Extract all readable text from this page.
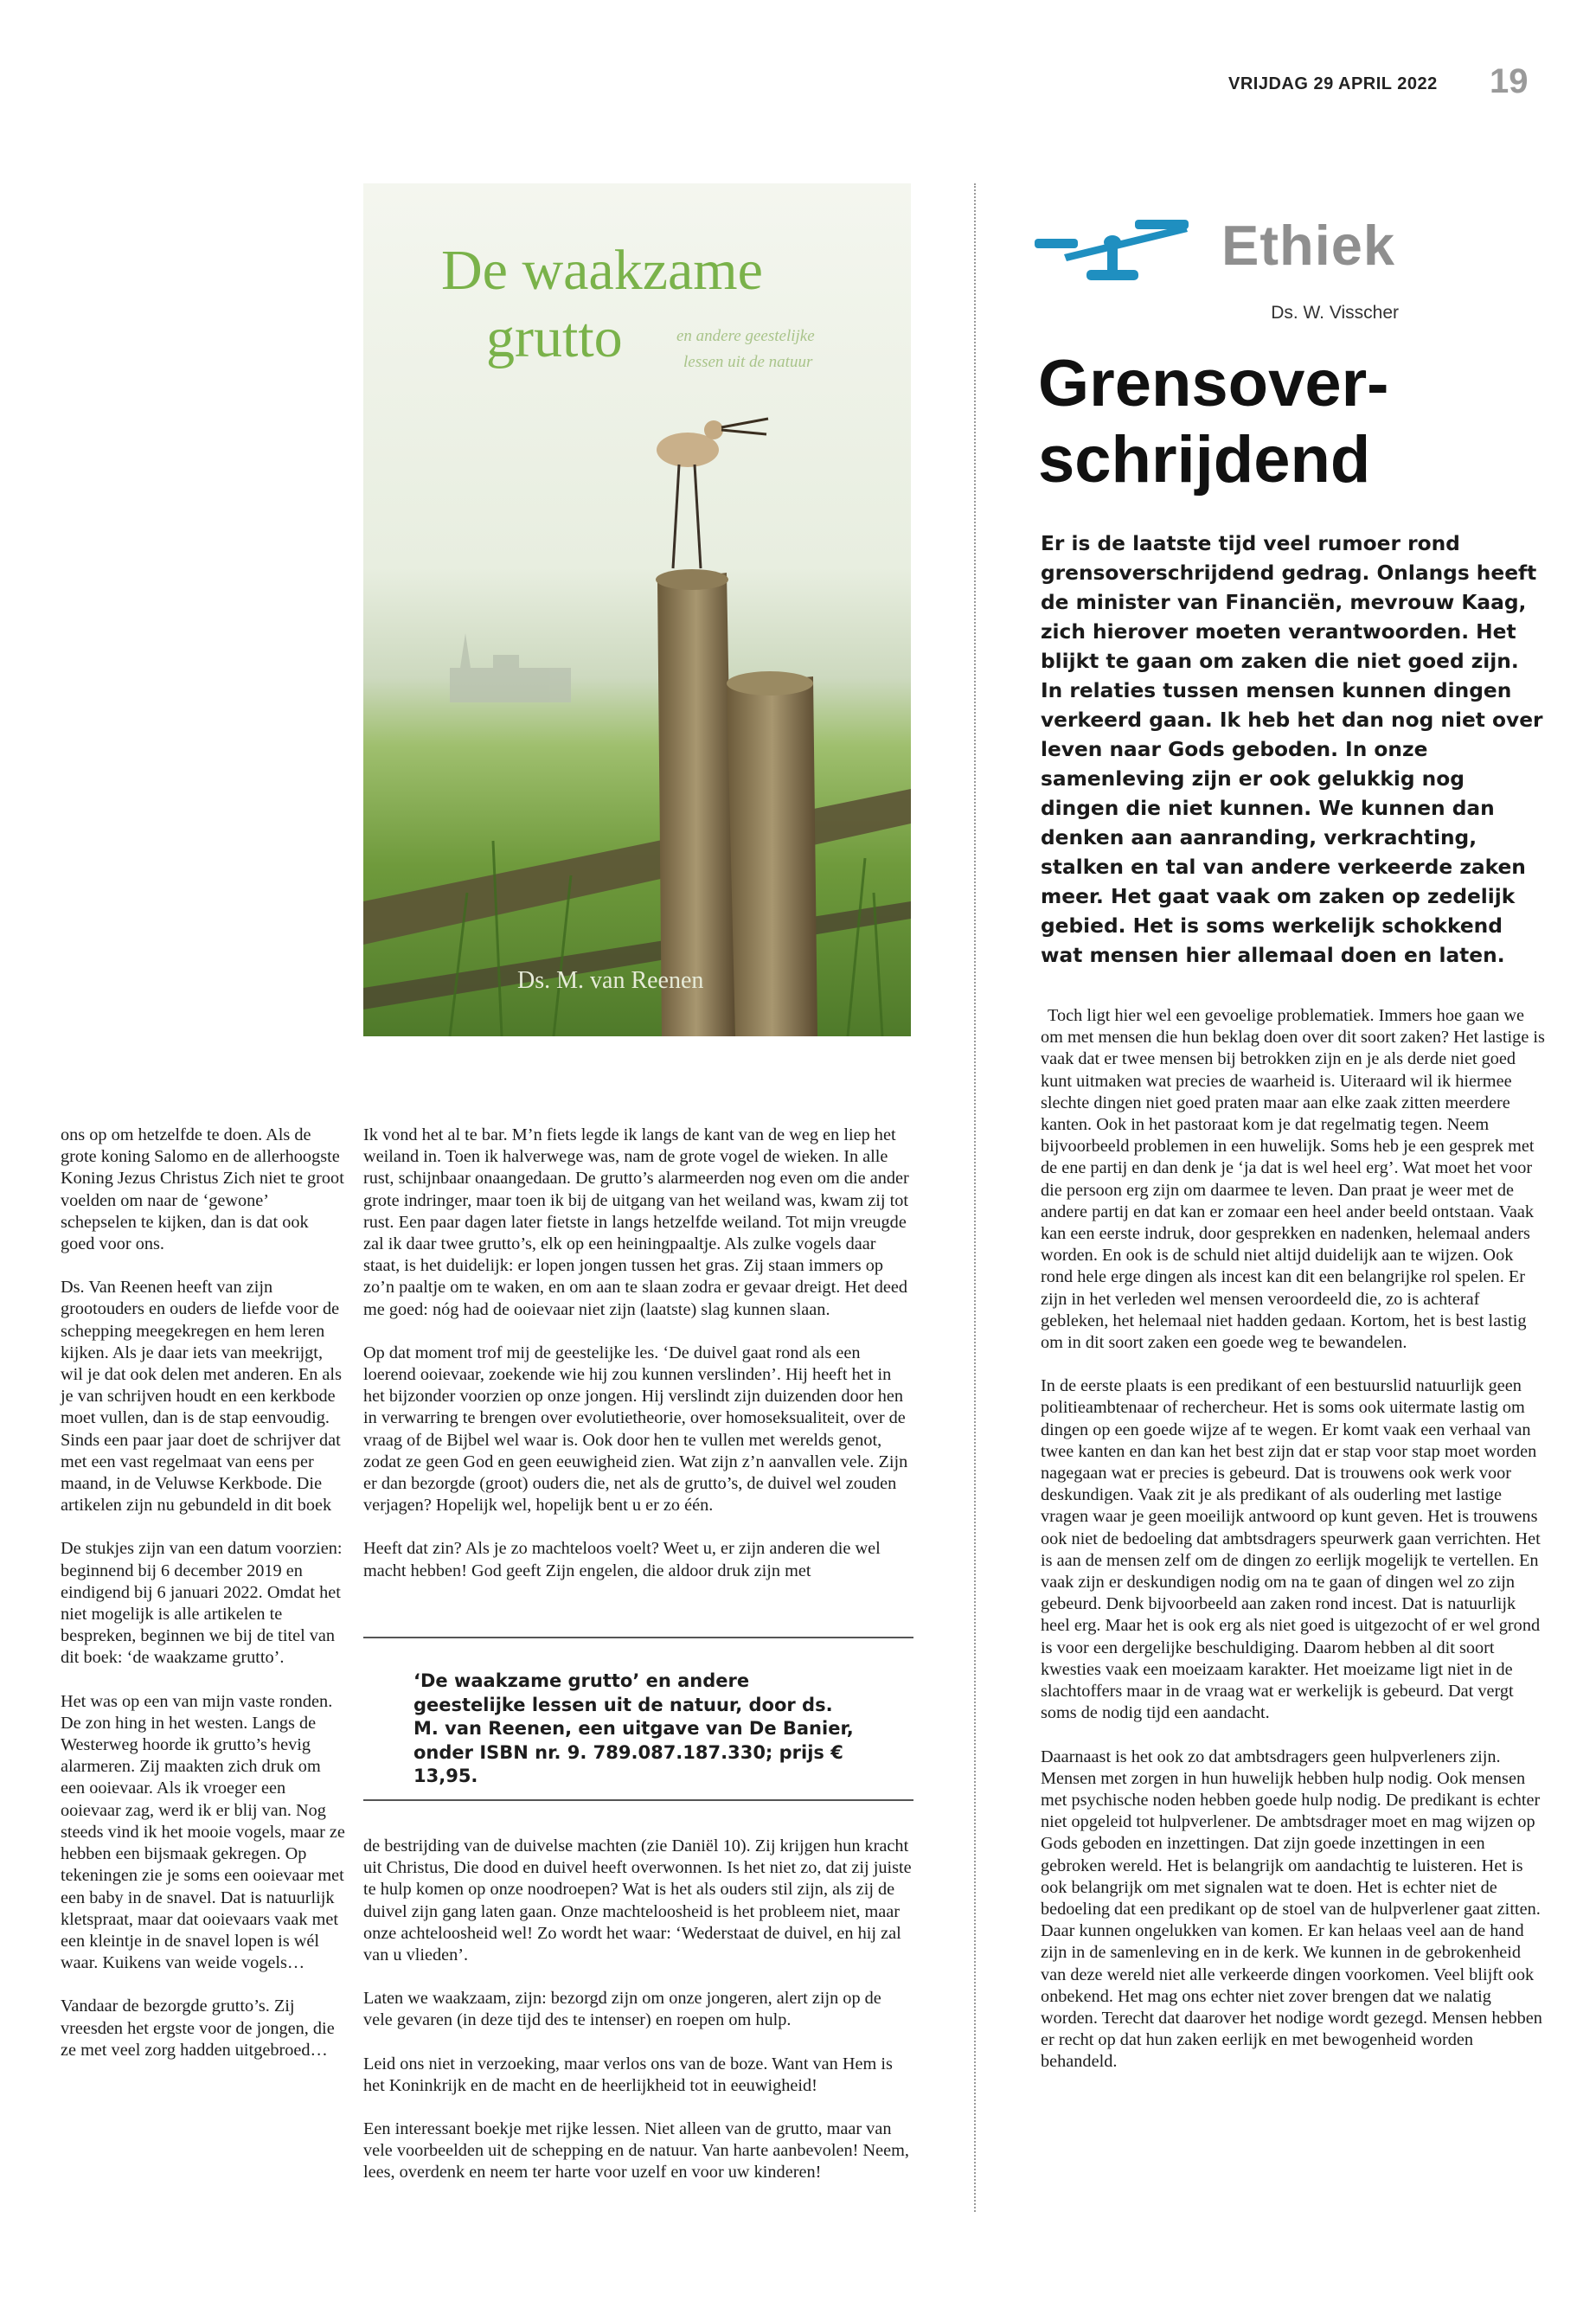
VRIJDAG 29 APRIL 2022 19
De waakzame
grutto	en andere geestelijke
lessen uit de natuur
Ds. M. van Reenen

ons op om hetzelfde te doen. Als de grote koning Salomo en de allerhoogste Koning Jezus Christus Zich niet te groot voelden om naar de ‘gewone’ schepselen te kijken, dan is dat ook goed voor ons.

Ds. Van Reenen heeft van zijn grootouders en ouders de liefde voor de schepping meegekregen en hem leren kijken. Als je daar iets van meekrijgt, wil je dat ook delen met anderen. En als je van schrijven houdt en een kerkbode moet vullen, dan is de stap eenvoudig. Sinds een paar jaar doet de schrijver dat met een vast regelmaat van eens per maand, in de Veluwse Kerkbode. Die artikelen zijn nu gebundeld in dit boek

De stukjes zijn van een datum voorzien: beginnend bij 6 december 2019 en eindigend bij 6 januari 2022. Omdat het niet mogelijk is alle artikelen te bespreken, beginnen we bij de titel van dit boek: ‘de waakzame grutto’.

Het was op een van mijn vaste ronden. De zon hing in het westen. Langs de Westerweg hoorde ik grutto’s hevig alarmeren. Zij maakten zich druk om een ooievaar. Als ik vroeger een ooievaar zag, werd ik er blij van. Nog steeds vind ik het mooie vogels, maar ze hebben een bijsmaak gekregen. Op tekeningen zie je soms een ooievaar met een baby in de snavel. Dat is natuurlijk kletspraat, maar dat ooievaars vaak met een kleintje in de snavel lopen is wél waar. Kuikens van weide vogels…

Vandaar de bezorgde grutto’s. Zij vreesden het ergste voor de jongen, die ze met veel zorg hadden uitgebroed…

Ik vond het al te bar. M’n fiets legde ik langs de kant van de weg en liep het weiland in. Toen ik halverwege was, nam de grote vogel de wieken. In alle rust, schijnbaar onaangedaan. De grutto’s alarmeerden nog even om die ander grote indringer, maar toen ik bij de uitgang van het weiland was, kwam zij tot rust. Een paar dagen later fietste in langs hetzelfde weiland. Tot mijn vreugde zal ik daar twee grutto’s, elk op een heiningpaaltje. Als zulke vogels daar staat, is het duidelijk: er lopen jongen tussen het gras. Zij staan immers op zo’n paaltje om te waken, en om aan te slaan zodra er gevaar dreigt. Het deed me goed: nóg had de ooievaar niet zijn (laatste) slag kunnen slaan.

Op dat moment trof mij de geestelijke les. ‘De duivel gaat rond als een loerend ooievaar, zoekende wie hij zou kunnen verslinden’. Hij heeft het in het bijzonder voorzien op onze jongen. Hij verslindt zijn duizenden door hen in verwarring te brengen over evolutietheorie, over homoseksualiteit, over de vraag of de Bijbel wel waar is. Ook door hen te vullen met werelds genot, zodat ze geen God en geen eeuwigheid zien. Wat zijn z’n aanvallen vele. Zijn er dan bezorgde (groot) ouders die, net als de grutto’s, de duivel wel zouden verjagen? Hopelijk wel, hopelijk bent u er zo één.

Heeft dat zin? Als je zo machteloos voelt? Weet u, er zijn anderen die wel macht hebben! God geeft Zijn engelen, die aldoor druk zijn met

‘De waakzame grutto’ en andere geestelijke lessen uit de natuur, door ds. M. van Reenen, een uitgave van De Banier, onder ISBN nr. 9. 789.087.187.330; prijs € 13,95.

de bestrijding van de duivelse machten (zie Daniël 10). Zij krijgen hun kracht uit Christus, Die dood en duivel heeft overwonnen. Is het niet zo, dat zij juiste te hulp komen op onze noodroepen? Wat is het als ouders stil zijn, als zij de duivel zijn gang laten gaan. Onze machteloosheid is het probleem niet, maar onze achteloosheid wel! Zo wordt het waar: ‘Wederstaat de duivel, en hij zal van u vlieden’.

Laten we waakzaam, zijn: bezorgd zijn om onze jongeren, alert zijn op de vele gevaren (in deze tijd des te intenser) en roepen om hulp.

Leid ons niet in verzoeking, maar verlos ons van de boze. Want van Hem is het Koninkrijk en de macht en de heerlijkheid tot in eeuwigheid!

Een interessant boekje met rijke lessen. Niet alleen van de grutto, maar van vele voorbeelden uit de schepping en de natuur. Van harte aanbevolen! Neem, lees, overdenk en neem ter harte voor uzelf en voor uw kinderen!

Ethiek
Ds. W. Visscher
Grensover-
schrijdend
Er is de laatste tijd veel rumoer rond grensoverschrijdend gedrag. Onlangs heeft de minister van Financiën, mevrouw Kaag, zich hierover moeten verantwoorden. Het blijkt te gaan om zaken die niet goed zijn. In relaties tussen mensen kunnen dingen verkeerd gaan. Ik heb het dan nog niet over leven naar Gods geboden. In onze samenleving zijn er ook gelukkig nog dingen die niet kunnen. We kunnen dan denken aan aanranding, verkrachting, stalken en tal van andere verkeerde zaken meer. Het gaat vaak om zaken op zedelijk gebied. Het is soms werkelijk schokkend wat mensen hier allemaal doen en laten.

Toch ligt hier wel een gevoelige problematiek. Immers hoe gaan we om met mensen die hun beklag doen over dit soort zaken? Het lastige is vaak dat er twee mensen bij betrokken zijn en je als derde niet goed kunt uitmaken wat precies de waarheid is. Uiteraard wil ik hiermee slechte dingen niet goed praten maar aan elke zaak zitten meerdere kanten. Ook in het pastoraat kom je dat regelmatig tegen. Neem bijvoorbeeld problemen in een huwelijk. Soms heb je een gesprek met de ene partij en dan denk je ‘ja dat is wel heel erg’. Wat moet het voor die persoon erg zijn om daarmee te leven. Dan praat je weer met de andere partij en dat kan er zomaar een heel ander beeld ontstaan. Vaak kan een eerste indruk, door gesprekken en nadenken, helemaal anders worden. En ook is de schuld niet altijd duidelijk aan te wijzen. Ook rond hele erge dingen als incest kan dit een belangrijke rol spelen. Er zijn in het verleden wel mensen veroordeeld die, zo is achteraf gebleken, het helemaal niet hadden gedaan. Kortom, het is best lastig om in dit soort zaken een goede weg te bewandelen.

In de eerste plaats is een predikant of een bestuurslid natuurlijk geen politieambtenaar of rechercheur. Het is soms ook uitermate lastig om dingen op een goede wijze af te wegen. Er komt vaak een verhaal van twee kanten en dan kan het best zijn dat er stap voor stap moet worden nagegaan wat er precies is gebeurd. Dat is trouwens ook werk voor deskundigen. Vaak zit je als predikant of als ouderling met lastige vragen waar je geen moeilijk antwoord op kunt geven. Het is trouwens ook niet de bedoeling dat ambtsdragers speurwerk gaan verrichten. Het is aan de mensen zelf om de dingen zo eerlijk mogelijk te vertellen. En vaak zijn er deskundigen nodig om na te gaan of dingen wel zo zijn gebeurd. Denk bijvoorbeeld aan zaken rond incest. Dat is natuurlijk heel erg. Maar het is ook erg als niet goed is uitgezocht of er wel grond is voor een dergelijke beschuldiging. Daarom hebben al dit soort kwesties vaak een moeizaam karakter. Het moeizame ligt niet in de slachtoffers maar in de vraag wat er werkelijk is gebeurd. Dat vergt soms de nodig tijd een aandacht.

Daarnaast is het ook zo dat ambtsdragers geen hulpverleners zijn. Mensen met zorgen in hun huwelijk hebben hulp nodig. Ook mensen met psychische noden hebben goede hulp nodig. De predikant is echter niet opgeleid tot hulpverlener. De ambtsdrager moet en mag wijzen op Gods geboden en inzettingen. Dat zijn goede inzettingen in een gebroken wereld. Het is belangrijk om aandachtig te luisteren. Het is ook belangrijk om met signalen wat te doen. Het is echter niet de bedoeling dat een predikant op de stoel van de hulpverlener gaat zitten. Daar kunnen ongelukken van komen. Er kan helaas veel aan de hand zijn in de samenleving en in de kerk. We kunnen in de gebrokenheid van deze wereld niet alle verkeerde dingen voorkomen. Veel blijft ook onbekend. Het mag ons echter niet zover brengen dat we nalatig worden. Terecht dat daarover het nodige wordt gezegd. Mensen hebben er recht op dat hun zaken eerlijk en met bewogenheid worden behandeld.
